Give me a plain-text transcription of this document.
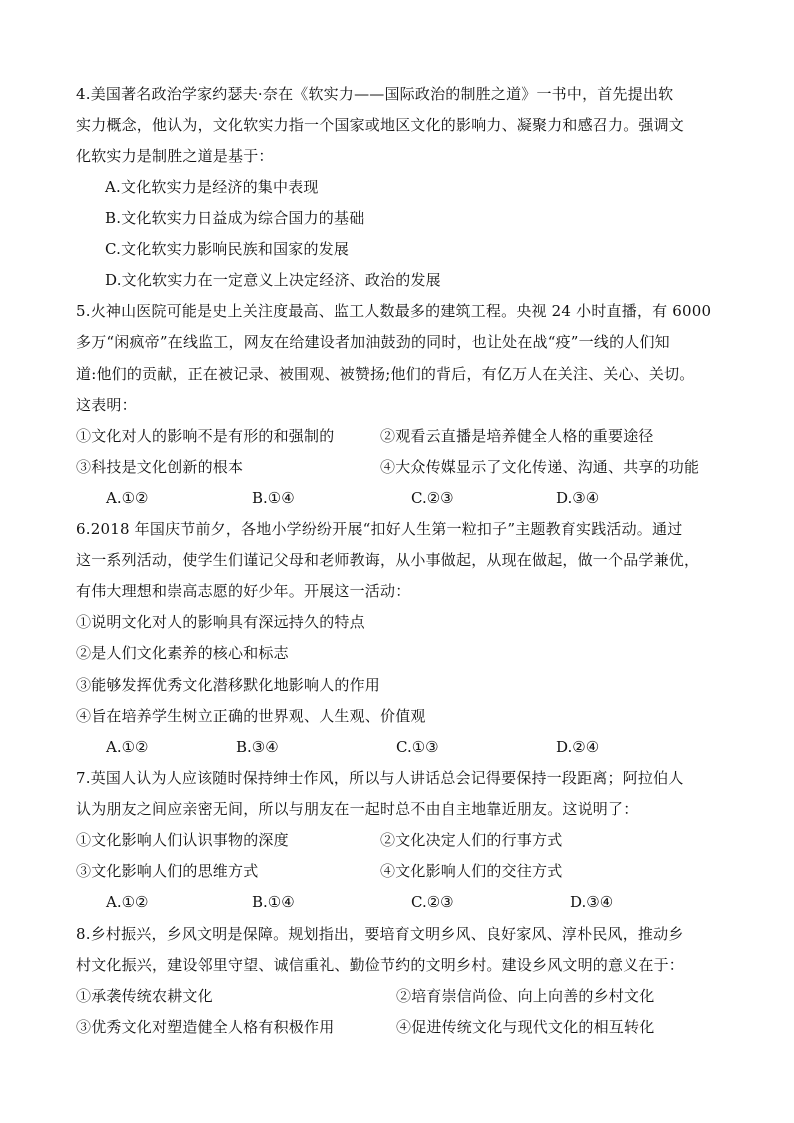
4.美国著名政治学家约瑟夫·奈在《软实力——国际政治的制胜之道》一书中，首先提出软
实力概念，他认为，文化软实力指一个国家或地区文化的影响力、凝聚力和感召力。强调文
化软实力是制胜之道是基于：
A.文化软实力是经济的集中表现
B.文化软实力日益成为综合国力的基础
C.文化软实力影响民族和国家的发展
D.文化软实力在一定意义上决定经济、政治的发展
5.火神山医院可能是史上关注度最高、监工人数最多的建筑工程。央视 24 小时直播，有 6000
多万“闲疯帝”在线监工，网友在给建设者加油鼓劲的同时，也让处在战“疫”一线的人们知
道:他们的贡献，正在被记录、被围观、被赞扬;他们的背后，有亿万人在关注、关心、关切。
这表明：
①文化对人的影响不是有形的和强制的	②观看云直播是培养健全人格的重要途径
③科技是文化创新的根本	④大众传媒显示了文化传递、沟通、共享的功能
A.①②	B.①④	C.②③	D.③④
6.2018 年国庆节前夕，各地小学纷纷开展“扣好人生第一粒扣子”主题教育实践活动。通过
这一系列活动，使学生们谨记父母和老师教诲，从小事做起，从现在做起，做一个品学兼优，
有伟大理想和崇高志愿的好少年。开展这一活动：
①说明文化对人的影响具有深远持久的特点
②是人们文化素养的核心和标志
③能够发挥优秀文化潜移默化地影响人的作用
④旨在培养学生树立正确的世界观、人生观、价值观
A.①②	B.③④	C.①③	D.②④
7.英国人认为人应该随时保持绅士作风，所以与人讲话总会记得要保持一段距离；阿拉伯人
认为朋友之间应亲密无间，所以与朋友在一起时总不由自主地靠近朋友。这说明了：
①文化影响人们认识事物的深度	②文化决定人们的行事方式
③文化影响人们的思维方式	④文化影响人们的交往方式
A.①②	B.①④	C.②③	D.③④
8.乡村振兴，乡风文明是保障。规划指出，要培育文明乡风、良好家风、淳朴民风，推动乡
村文化振兴，建设邻里守望、诚信重礼、勤俭节约的文明乡村。建设乡风文明的意义在于：
①承袭传统农耕文化	②培育崇信尚俭、向上向善的乡村文化
③优秀文化对塑造健全人格有积极作用	④促进传统文化与现代文化的相互转化
